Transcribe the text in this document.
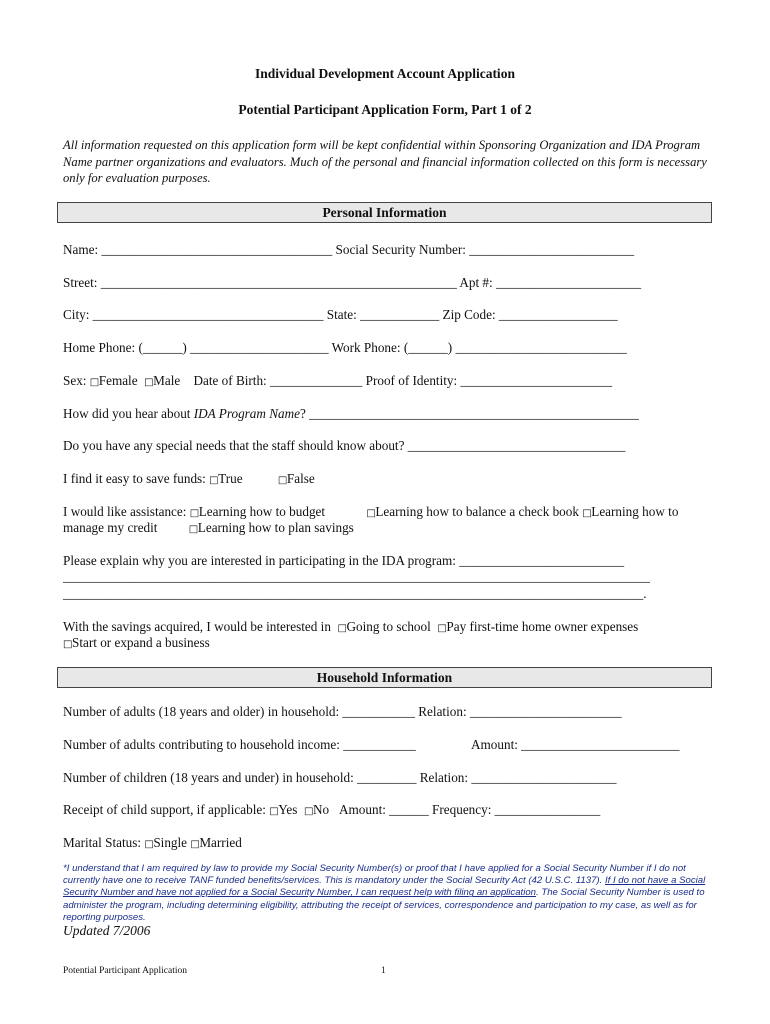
Individual Development Account Application
Potential Participant Application Form, Part 1 of 2
All information requested on this application form will be kept confidential within Sponsoring Organization and IDA Program Name partner organizations and evaluators. Much of the personal and financial information collected on this form is necessary only for evaluation purposes.
Personal Information
Name: ___________________________________ Social Security Number: _________________________
Street: ______________________________________________________ Apt #: ______________________
City: ___________________________________ State: ____________ Zip Code: __________________
Home Phone: (______) _____________________ Work Phone: (______) __________________________
Sex: □Female □Male Date of Birth: ______________ Proof of Identity: _______________________
How did you hear about IDA Program Name? __________________________________________________
Do you have any special needs that the staff should know about? _________________________________
I find it easy to save funds: □True	□False
I would like assistance: □Learning how to budget	□Learning how to balance a check book □Learning how to
manage my credit	□Learning how to plan savings
Please explain why you are interested in participating in the IDA program: _________________________
_________________________________________________________________________________________
________________________________________________________________________________________.
With the savings acquired, I would be interested in □Going to school □Pay first-time home owner expenses
□Start or expand a business
Household Information
Number of adults (18 years and older) in household: ___________ Relation: _______________________
Number of adults contributing to household income: ___________	Amount: ________________________
Number of children (18 years and under) in household: _________ Relation: ______________________
Receipt of child support, if applicable: □Yes □No Amount: ______ Frequency: ________________
Marital Status: □Single □Married
*I understand that I am required by law to provide my Social Security Number(s) or proof that I have applied for a Social Security Number if I do not currently have one to receive TANF funded benefits/services. This is mandatory under the Social Security Act (42 U.S.C. 1137). If I do not have a Social Security Number and have not applied for a Social Security Number, I can request help with filing an application. The Social Security Number is used to administer the program, including determining eligibility, attributing the receipt of services, correspondence and participation to my case, as well as for reporting purposes.
Updated 7/2006
Potential Participant Application	1
